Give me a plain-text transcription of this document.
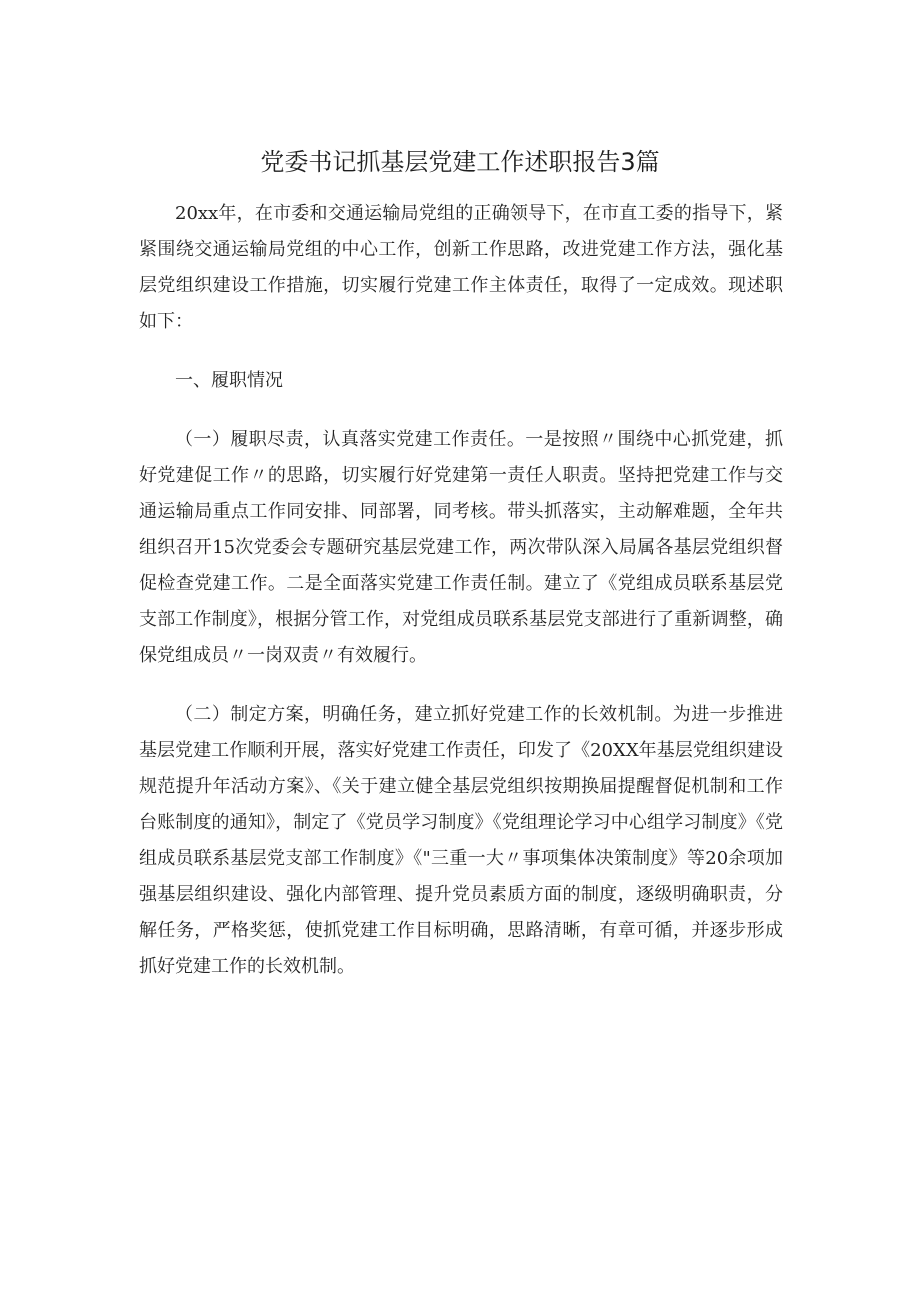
党委书记抓基层党建工作述职报告3篇

20xx年，在市委和交通运输局党组的正确领导下，在市直工委的指导下，紧紧围绕交通运输局党组的中心工作，创新工作思路，改进党建工作方法，强化基层党组织建设工作措施，切实履行党建工作主体责任，取得了一定成效。现述职如下：

一、履职情况

（一）履职尽责，认真落实党建工作责任。一是按照〃围绕中心抓党建，抓好党建促工作〃的思路，切实履行好党建第一责任人职责。坚持把党建工作与交通运输局重点工作同安排、同部署，同考核。带头抓落实，主动解难题，全年共组织召开15次党委会专题研究基层党建工作，两次带队深入局属各基层党组织督促检查党建工作。二是全面落实党建工作责任制。建立了《党组成员联系基层党支部工作制度》，根据分管工作，对党组成员联系基层党支部进行了重新调整，确保党组成员〃一岗双责〃有效履行。

（二）制定方案，明确任务，建立抓好党建工作的长效机制。为进一步推进基层党建工作顺利开展，落实好党建工作责任，印发了《20XX年基层党组织建设规范提升年活动方案》、《关于建立健全基层党组织按期换届提醒督促机制和工作台账制度的通知》，制定了《党员学习制度》《党组理论学习中心组学习制度》《党组成员联系基层党支部工作制度》《"三重一大〃事项集体决策制度》等20余项加强基层组织建设、强化内部管理、提升党员素质方面的制度，逐级明确职责，分解任务，严格奖惩，使抓党建工作目标明确，思路清晰，有章可循，并逐步形成抓好党建工作的长效机制。
